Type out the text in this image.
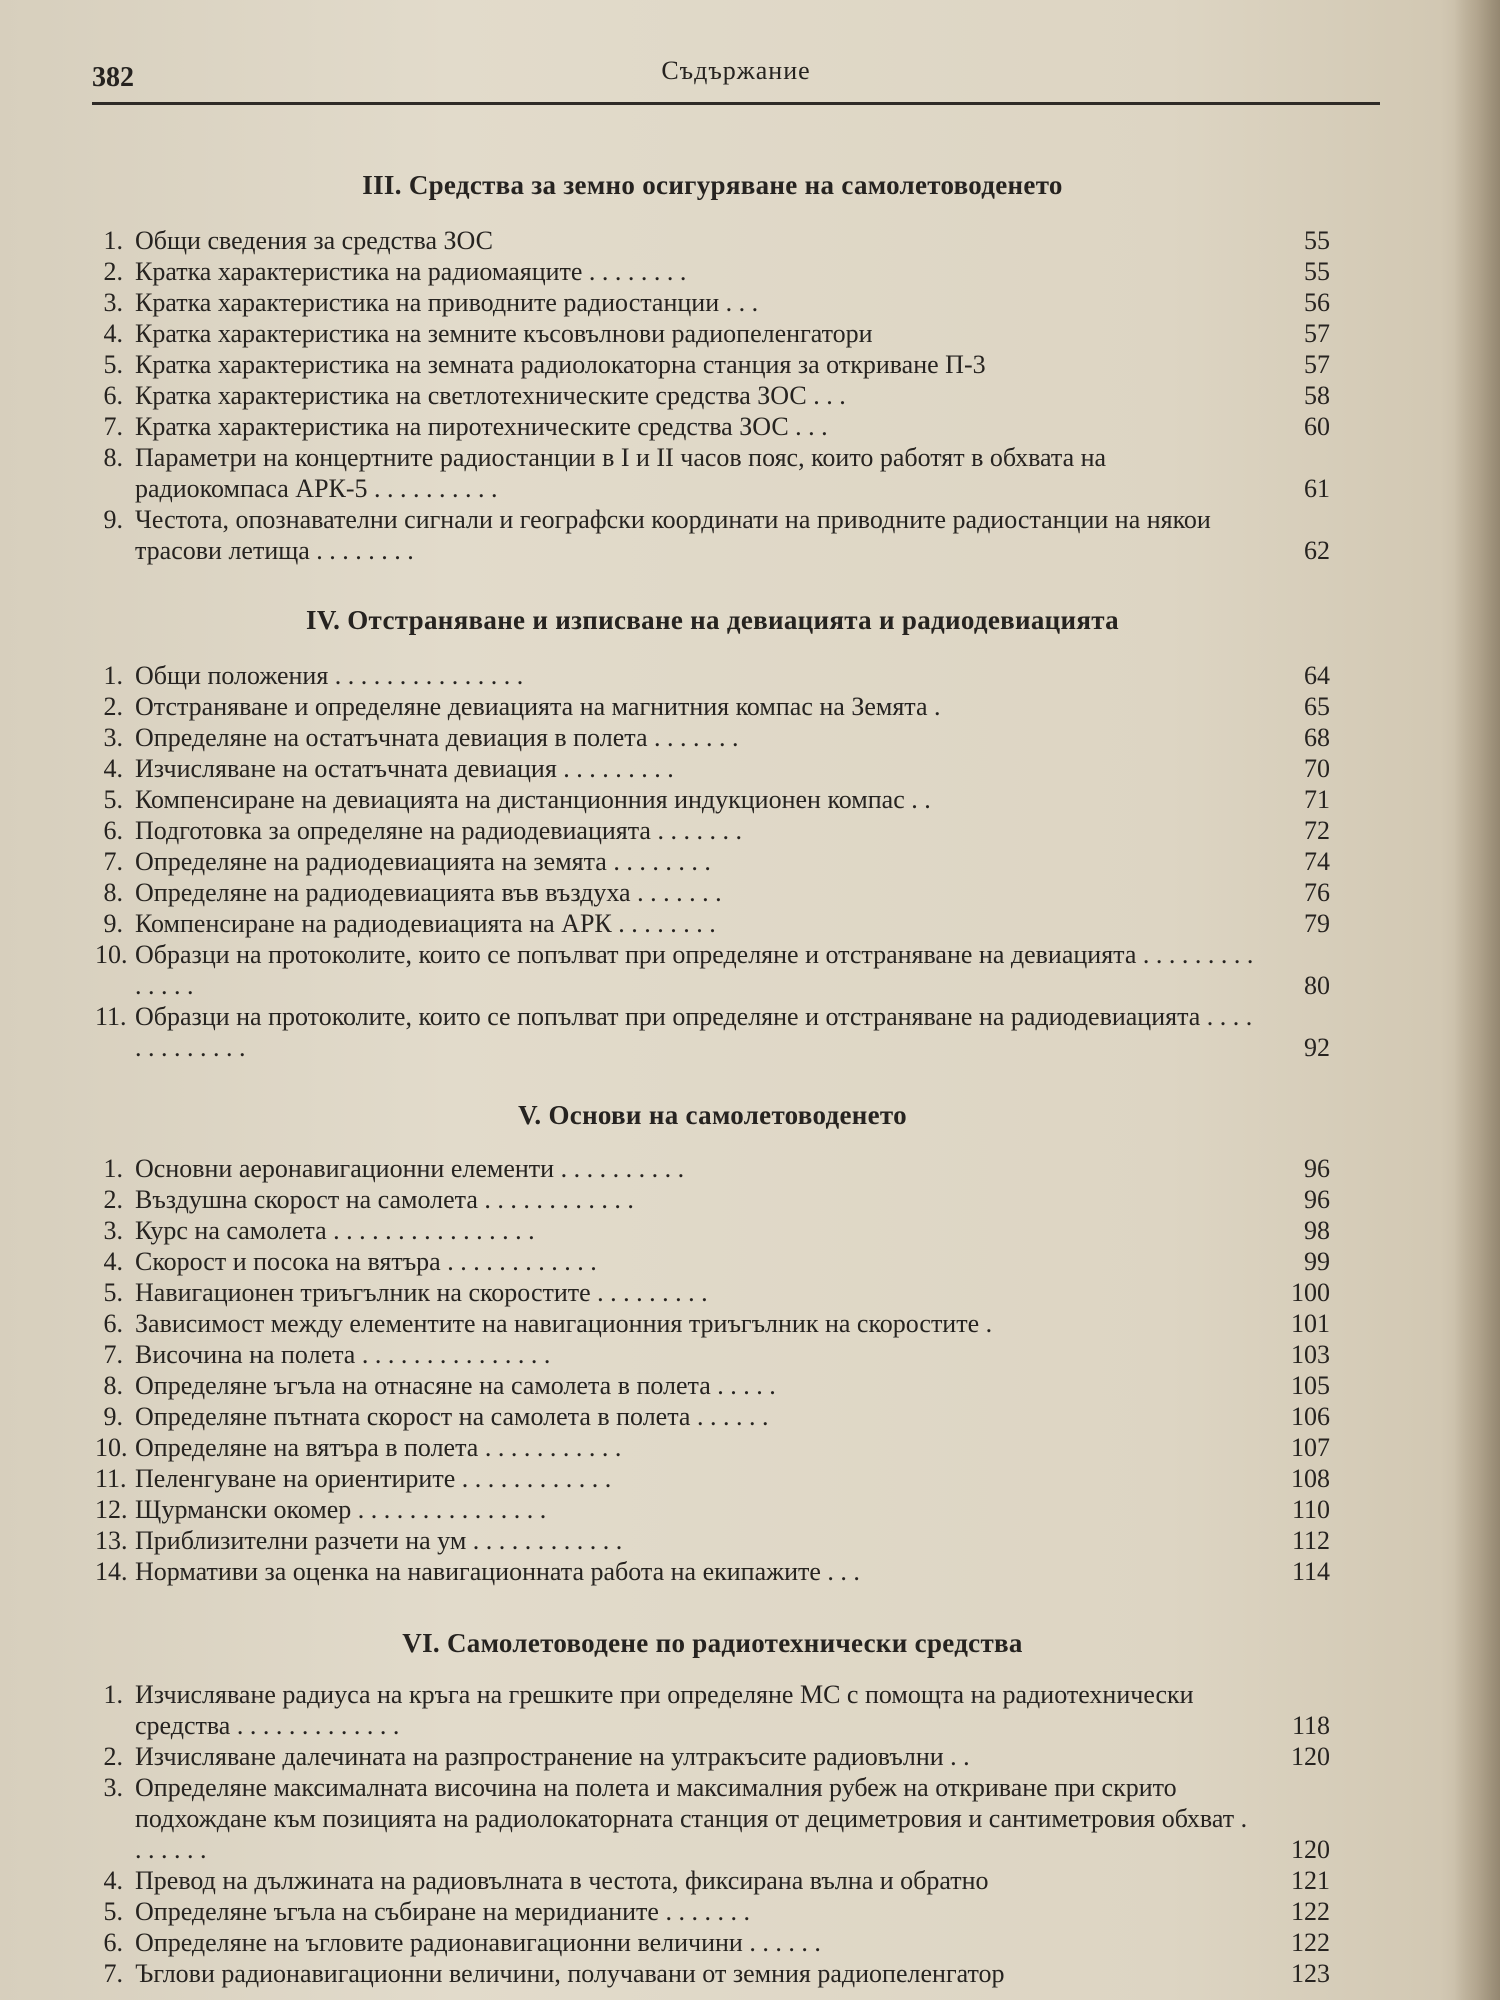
382	Съдържание
III. Средства за земно осигуряване на самолетоводенето
1. Общи сведения за средства ЗОС	55
2. Кратка характеристика на радиомаяците . . . . . . . .	55
3. Кратка характеристика на приводните радиостанции . . .	56
4. Кратка характеристика на земните късовълнови радиопеленгатори	57
5. Кратка характеристика на земната радиолокаторна станция за откриване П-3	57
6. Кратка характеристика на светлотехническите средства ЗОС . . .	58
7. Кратка характеристика на пиротехническите средства ЗОС . . .	60
8. Параметри на концертните радиостанции в I и II часов пояс, които работят в обхвата на радиокомпаса АРК-5 . . . . . . . . . .	61
9. Честота, опознавателни сигнали и географски координати на приводните радиостанции на някои трасови летища . . . . . . . .	62
IV. Отстраняване и изписване на девиацията и радиодевиацията
1. Общи положения . . . . . . . . . . . . . . .	64
2. Отстраняване и определяне девиацията на магнитния компас на Земята .	65
3. Определяне на остатъчната девиация в полета . . . . . . .	68
4. Изчисляване на остатъчната девиация . . . . . . . . .	70
5. Компенсиране на девиацията на дистанционния индукционен компас . .	71
6. Подготовка за определяне на радиодевиацията . . . . . . .	72
7. Определяне на радиодевиацията на земята . . . . . . . .	74
8. Определяне на радиодевиацията във въздуха . . . . . . .	76
9. Компенсиране на радиодевиацията на АРК . . . . . . . .	79
10. Образци на протоколите, които се попълват при определяне и отстраняване на девиацията . . . . . . . . . . . . . .	80
11. Образци на протоколите, които се попълват при определяне и отстраняване на радиодевиацията . . . . . . . . . . . . .	92
V. Основи на самолетоводенето
1. Основни аеронавигационни елементи . . . . . . . . . .	96
2. Въздушна скорост на самолета . . . . . . . . . . . .	96
3. Курс на самолета . . . . . . . . . . . . . . . .	98
4. Скорост и посока на вятъра . . . . . . . . . . . .	99
5. Навигационен триъгълник на скоростите . . . . . . . . .	100
6. Зависимост между елементите на навигационния триъгълник на скоростите .	101
7. Височина на полета . . . . . . . . . . . . . . .	103
8. Определяне ъгъла на отнасяне на самолета в полета . . . . .	105
9. Определяне пътната скорост на самолета в полета . . . . . .	106
10. Определяне на вятъра в полета . . . . . . . . . . .	107
11. Пеленгуване на ориентирите . . . . . . . . . . . .	108
12. Щурмански окомер . . . . . . . . . . . . . . .	110
13. Приблизителни разчети на ум . . . . . . . . . . . .	112
14. Нормативи за оценка на навигационната работа на екипажите . . .	114
VI. Самолетоводене по радиотехнически средства
1. Изчисляване радиуса на кръга на грешките при определяне МС с помощта на радиотехнически средства . . . . . . . . . . . . .	118
2. Изчисляване далечината на разпространение на ултракъсите радиовълни . .	120
3. Определяне максималната височина на полета и максималния рубеж на откриване при скрито подхождане към позицията на радиолокаторната станция от дециметровия и сантиметровия обхват . . . . . . .	120
4. Превод на дължината на радиовълната в честота, фиксирана вълна и обратно	121
5. Определяне ъгъла на събиране на меридианите . . . . . . .	122
6. Определяне на ъгловите радионавигационни величини . . . . . .	122
7. Ъглови радионавигационни величини, получавани от земния радиопеленгатор	123
